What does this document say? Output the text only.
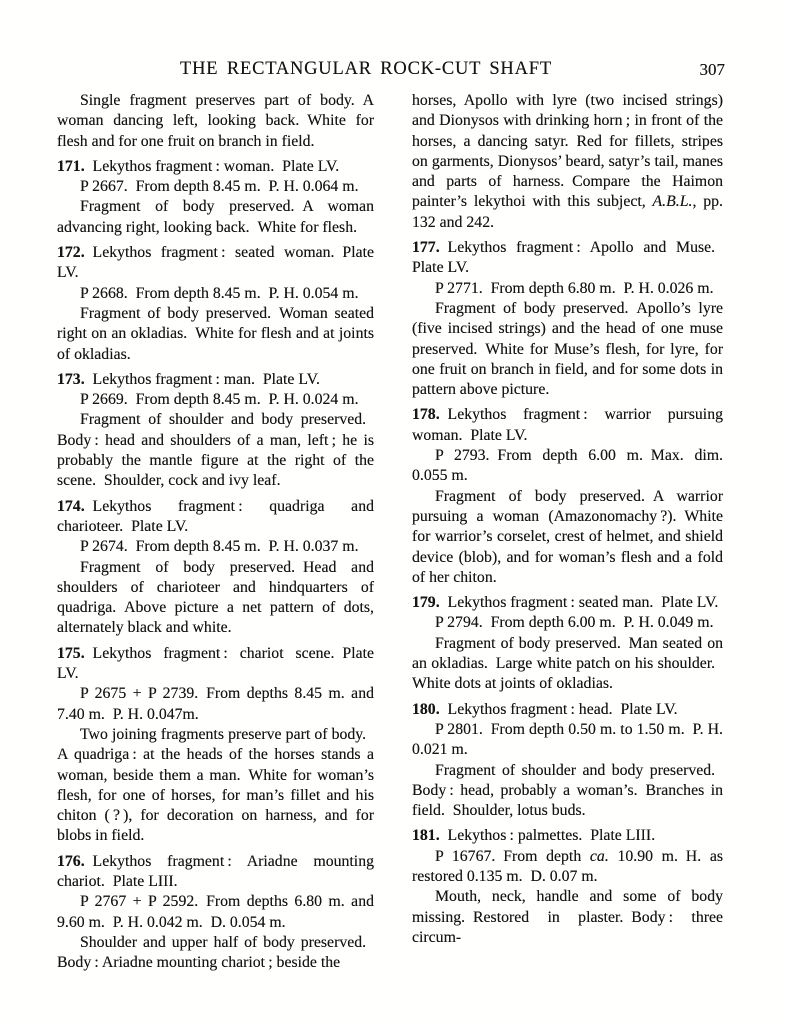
THE RECTANGULAR ROCK-CUT SHAFT	307

Single fragment preserves part of body. A woman dancing left, looking back. White for flesh and for one fruit on branch in field.

171. Lekythos fragment : woman. Plate LV.

P 2667. From depth 8.45 m. P. H. 0.064 m.

Fragment of body preserved. A woman advancing right, looking back. White for flesh.

172. Lekythos fragment : seated woman. Plate LV.

P 2668. From depth 8.45 m. P. H. 0.054 m.

Fragment of body preserved. Woman seated right on an okladias. White for flesh and at joints of okladias.

173. Lekythos fragment : man. Plate LV.

P 2669. From depth 8.45 m. P. H. 0.024 m.

Fragment of shoulder and body preserved. Body : head and shoulders of a man, left ; he is probably the mantle figure at the right of the scene. Shoulder, cock and ivy leaf.

174. Lekythos fragment : quadriga and charioteer. Plate LV.

P 2674. From depth 8.45 m. P. H. 0.037 m.

Fragment of body preserved. Head and shoulders of charioteer and hindquarters of quadriga. Above picture a net pattern of dots, alternately black and white.

175. Lekythos fragment : chariot scene. Plate LV.

P 2675 + P 2739. From depths 8.45 m. and 7.40 m. P. H. 0.047m.

Two joining fragments preserve part of body. A quadriga : at the heads of the horses stands a woman, beside them a man. White for woman’s flesh, for one of horses, for man’s fillet and his chiton ( ? ), for decoration on harness, and for blobs in field.

176. Lekythos fragment : Ariadne mounting chariot. Plate LIII.

P 2767 + P 2592. From depths 6.80 m. and 9.60 m. P. H. 0.042 m. D. 0.054 m.

Shoulder and upper half of body preserved. Body : Ariadne mounting chariot ; beside the

horses, Apollo with lyre (two incised strings) and Dionysos with drinking horn ; in front of the horses, a dancing satyr. Red for fillets, stripes on garments, Dionysos’ beard, satyr’s tail, manes and parts of harness. Compare the Haimon painter’s lekythoi with this subject, A.B.L., pp. 132 and 242.

177. Lekythos fragment : Apollo and Muse. Plate LV.

P 2771. From depth 6.80 m. P. H. 0.026 m.

Fragment of body preserved. Apollo’s lyre (five incised strings) and the head of one muse preserved. White for Muse’s flesh, for lyre, for one fruit on branch in field, and for some dots in pattern above picture.

178. Lekythos fragment : warrior pursuing woman. Plate LV.

P 2793. From depth 6.00 m. Max. dim. 0.055 m.

Fragment of body preserved. A warrior pursuing a woman (Amazonomachy ?). White for warrior’s corselet, crest of helmet, and shield device (blob), and for woman’s flesh and a fold of her chiton.

179. Lekythos fragment : seated man. Plate LV.

P 2794. From depth 6.00 m. P. H. 0.049 m.

Fragment of body preserved. Man seated on an okladias. Large white patch on his shoulder. White dots at joints of okladias.

180. Lekythos fragment : head. Plate LV.

P 2801. From depth 0.50 m. to 1.50 m. P. H. 0.021 m.

Fragment of shoulder and body preserved. Body : head, probably a woman’s. Branches in field. Shoulder, lotus buds.

181. Lekythos : palmettes. Plate LIII.

P 16767. From depth ca. 10.90 m. H. as restored 0.135 m. D. 0.07 m.

Mouth, neck, handle and some of body missing. Restored in plaster. Body : three circum-
